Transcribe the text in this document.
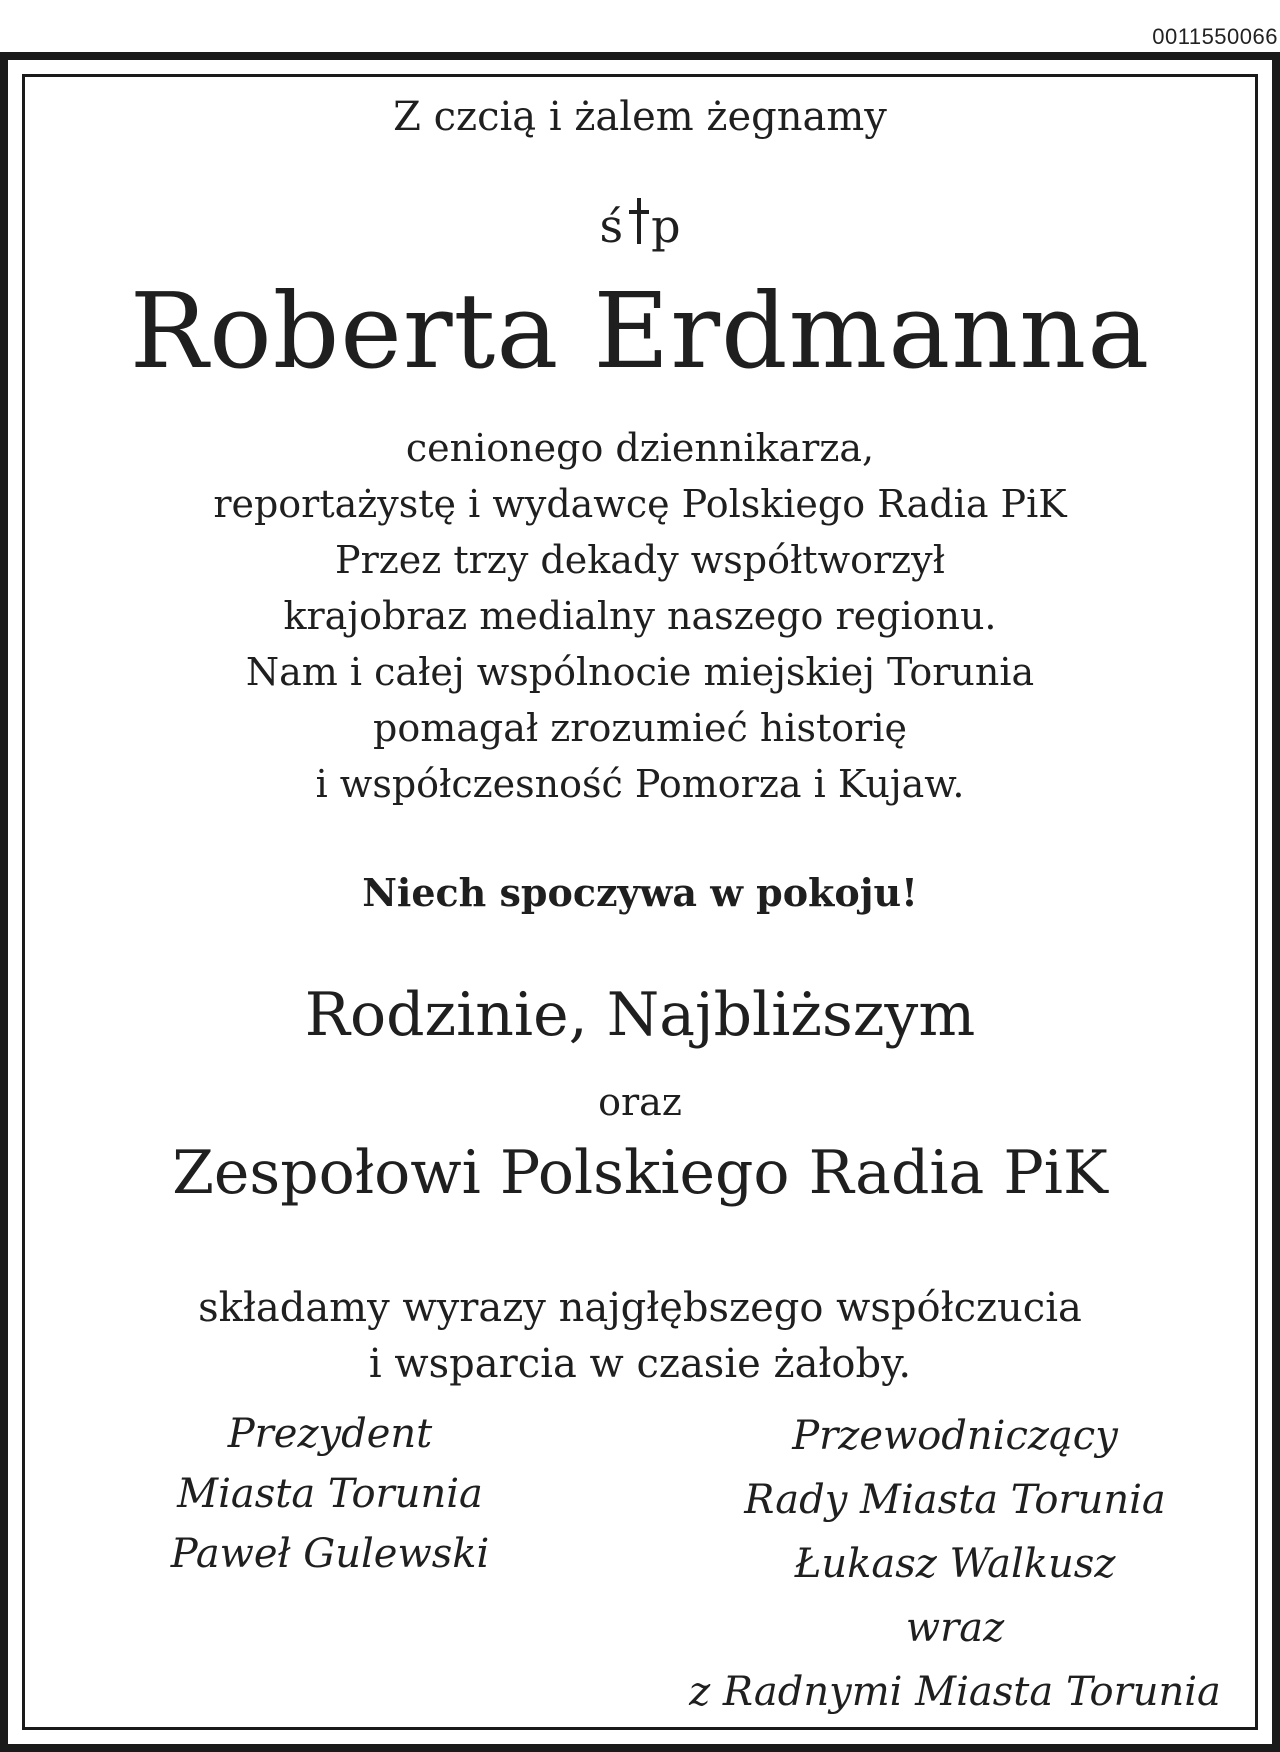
0011550066

Z czcią i żalem żegnamy

ś p

Roberta Erdmanna
cenionego dziennikarza,
reportażystę i wydawcę Polskiego Radia PiK
Przez trzy dekady współtworzył
krajobraz medialny naszego regionu.
Nam i całej wspólnocie miejskiej Torunia
pomagał zrozumieć historię
i współczesność Pomorza i Kujaw.

Niech spoczywa w pokoju!

Rodzinie, Najbliższym

oraz

Zespołowi Polskiego Radia PiK

składamy wyrazy najgłębszego współczucia
i wsparcia w czasie żałoby.
Prezydent
Miasta Torunia
Paweł Gulewski
Przewodniczący
Rady Miasta Torunia
Łukasz Walkusz
wraz
z Radnymi Miasta Torunia
